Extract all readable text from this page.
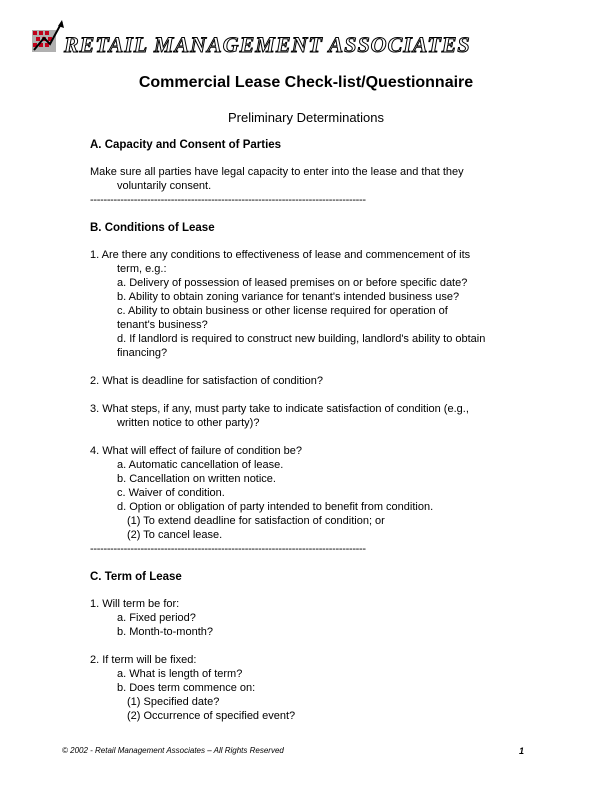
RETAIL MANAGEMENT ASSOCIATES
Commercial Lease Check-list/Questionnaire
Preliminary Determinations

A. Capacity and Consent of Parties

Make sure all parties have legal capacity to enter into the lease and that they

voluntarily consent.

----------------------------------------------------------------------------------

B. Conditions of Lease

1. Are there any conditions to effectiveness of lease and commencement of its

term, e.g.:

a. Delivery of possession of leased premises on or before specific date?

b. Ability to obtain zoning variance for tenant's intended business use?

c. Ability to obtain business or other license required for operation of

tenant's business?

d. If landlord is required to construct new building, landlord's ability to obtain

financing?

2. What is deadline for satisfaction of condition?

3. What steps, if any, must party take to indicate satisfaction of condition (e.g.,

written notice to other party)?

4. What will effect of failure of condition be?

a. Automatic cancellation of lease.

b. Cancellation on written notice.

c. Waiver of condition.

d. Option or obligation of party intended to benefit from condition.

(1) To extend deadline for satisfaction of condition; or

(2) To cancel lease.

----------------------------------------------------------------------------------

C. Term of Lease

1. Will term be for:

a. Fixed period?

b. Month-to-month?

2. If term will be fixed:

a. What is length of term?

b. Does term commence on:

(1) Specified date?

(2) Occurrence of specified event?

© 2002 - Retail Management Associates – All Rights Reserved	1
